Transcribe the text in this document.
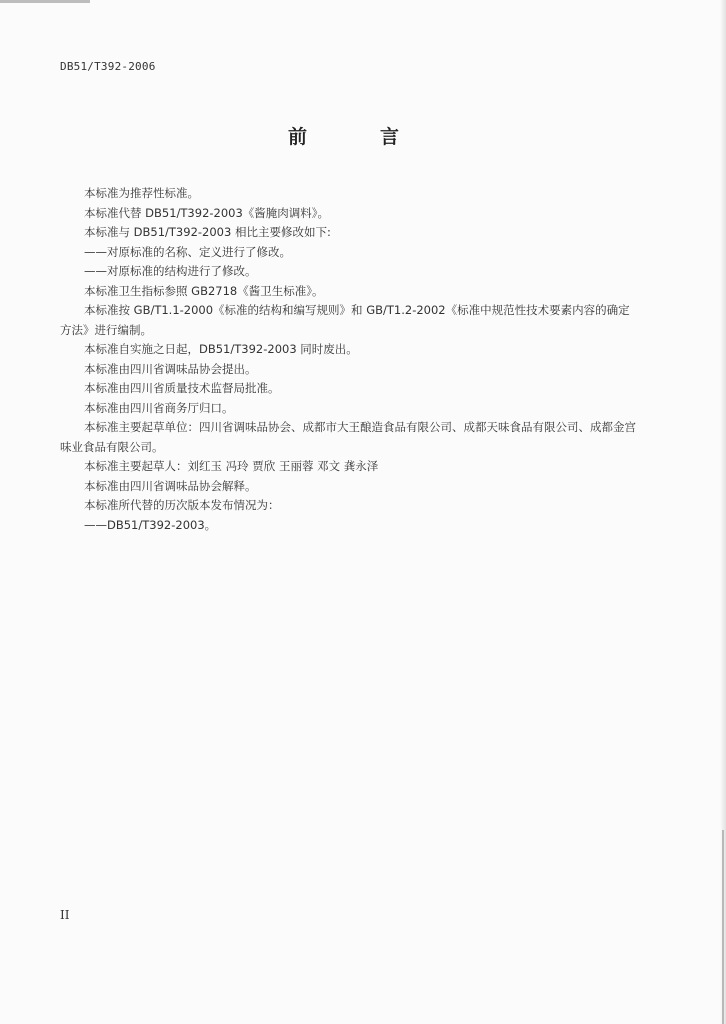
DB51/T392-2006
前	言

本标准为推荐性标准。

本标准代替 DB51/T392-2003《酱腌肉调料》。

本标准与 DB51/T392-2003 相比主要修改如下:

——对原标准的名称、定义进行了修改。

——对原标准的结构进行了修改。

本标准卫生指标参照 GB2718《酱卫生标准》。

本标准按 GB/T1.1-2000《标准的结构和编写规则》和 GB/T1.2-2002《标准中规范性技术要素内容的确定方法》进行编制。

本标准自实施之日起，DB51/T392-2003 同时废出。

本标准由四川省调味品协会提出。

本标准由四川省质量技术监督局批准。

本标准由四川省商务厅归口。

本标准主要起草单位：四川省调味品协会、成都市大王酿造食品有限公司、成都天味食品有限公司、成都金宫味业食品有限公司。

本标准主要起草人：刘红玉 冯玲 贾欣 王丽蓉 邓文 龚永泽

本标准由四川省调味品协会解释。

本标准所代替的历次版本发布情况为：

——DB51/T392-2003。

II
